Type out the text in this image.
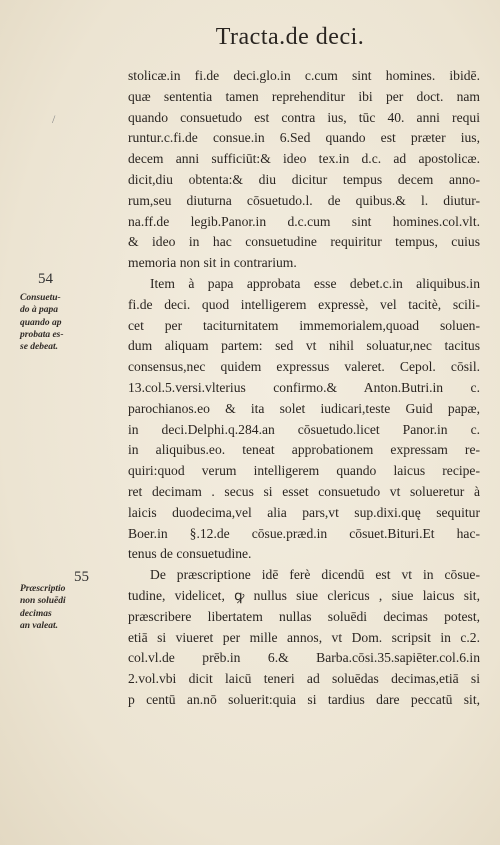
Tracta.de deci.
/
stolicæ.in fi.de deci.glo.in c.cum sint homines. ibidē.
quæ sententia tamen reprehenditur ibi per doct. nam
quando consuetudo est contra ius, tūc 40. anni requi
runtur.c.fi.de consue.in 6.Sed quando est præter ius,
decem anni sufficiūt:& ideo tex.in d.c. ad apostolicæ.
dicit,diu obtenta:& diu dicitur tempus decem anno-
rum,seu diuturna cōsuetudo.l. de quibus.& l. diutur-
na.ff.de legib.Panor.in d.c.cum sint homines.col.vlt.
& ideo in hac consuetudine requiritur tempus, cuius
memoria non sit in contrarium.
Item à papa approbata esse debet.c.in aliquibus.in
fi.de deci. quod intelligerem expressè, vel tacitè, scili-
cet per taciturnitatem immemorialem,quoad soluen-
dum aliquam partem: sed vt nihil soluatur,nec tacitus
consensus,nec quidem expressus valeret. Cepol. cōsil.
13.col.5.versi.vlterius confirmo.& Anton.Butri.in c.
parochianos.eo & ita solet iudicari,teste Guid papæ,
in deci.Delphi.q.284.an cōsuetudo.licet Panor.in c.
in aliquibus.eo. teneat approbationem expressam re-
quiri:quod verum intelligerem quando laicus recipe-
ret decimam . secus si esset consuetudo vt solueretur à
laicis duodecima,vel alia pars,vt sup.dixi.quę sequitur
Boer.in §.12.de cōsue.præd.in cōsuet.Bituri.Et hac-
tenus de consuetudine.
De præscriptione idē ferè dicendū est vt in cōsue-
tudine, videlicet, ꝙ nullus siue clericus , siue laicus sit,
præscribere libertatem nullas soluēdi decimas potest,
etiā si viueret per mille annos, vt Dom. scripsit in c.2.
col.vl.de prēb.in 6.& Barba.cōsi.35.sapiēter.col.6.in
2.vol.vbi dicit laicū teneri ad soluēdas decimas,etiā si
p centū an.nō soluerit:quia si tardius dare peccatū sit,
54
55
Consuetu-
do à papa
quando ap
probata es-
se debeat.
Præscriptio
non soluēdi
decimas
an valeat.
